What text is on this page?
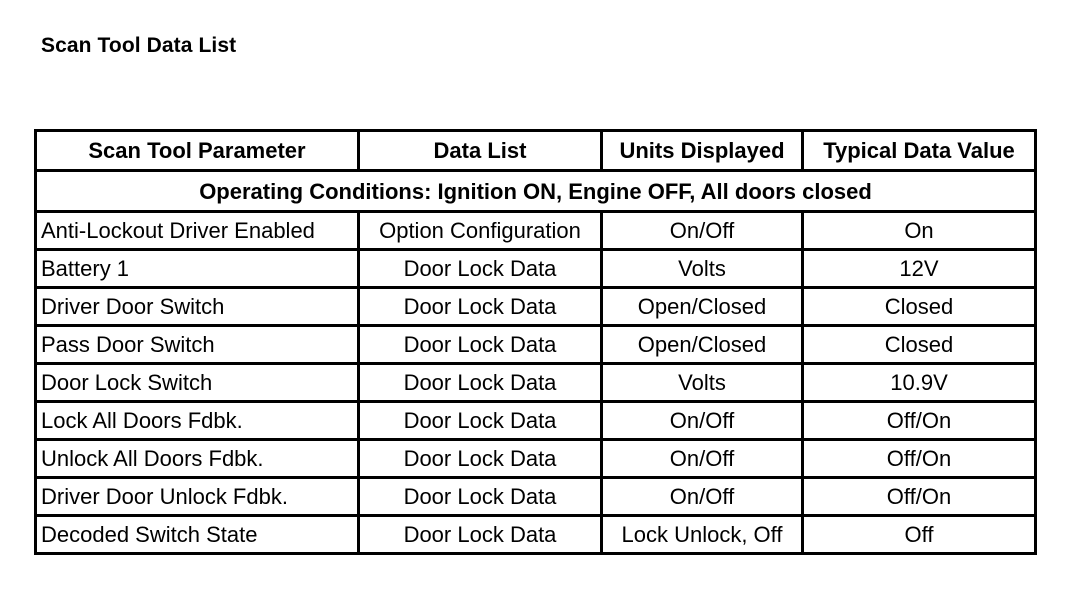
Scan Tool Data List
Scan Tool Parameter	Data List	Units Displayed	Typical Data Value
Operating Conditions: Ignition ON, Engine OFF, All doors closed			
Anti-Lockout Driver Enabled	Option Configuration	On/Off	On
Battery 1	Door Lock Data	Volts	12V
Driver Door Switch	Door Lock Data	Open/Closed	Closed
Pass Door Switch	Door Lock Data	Open/Closed	Closed
Door Lock Switch	Door Lock Data	Volts	10.9V
Lock All Doors Fdbk.	Door Lock Data	On/Off	Off/On
Unlock All Doors Fdbk.	Door Lock Data	On/Off	Off/On
Driver Door Unlock Fdbk.	Door Lock Data	On/Off	Off/On
Decoded Switch State	Door Lock Data	Lock Unlock, Off	Off
